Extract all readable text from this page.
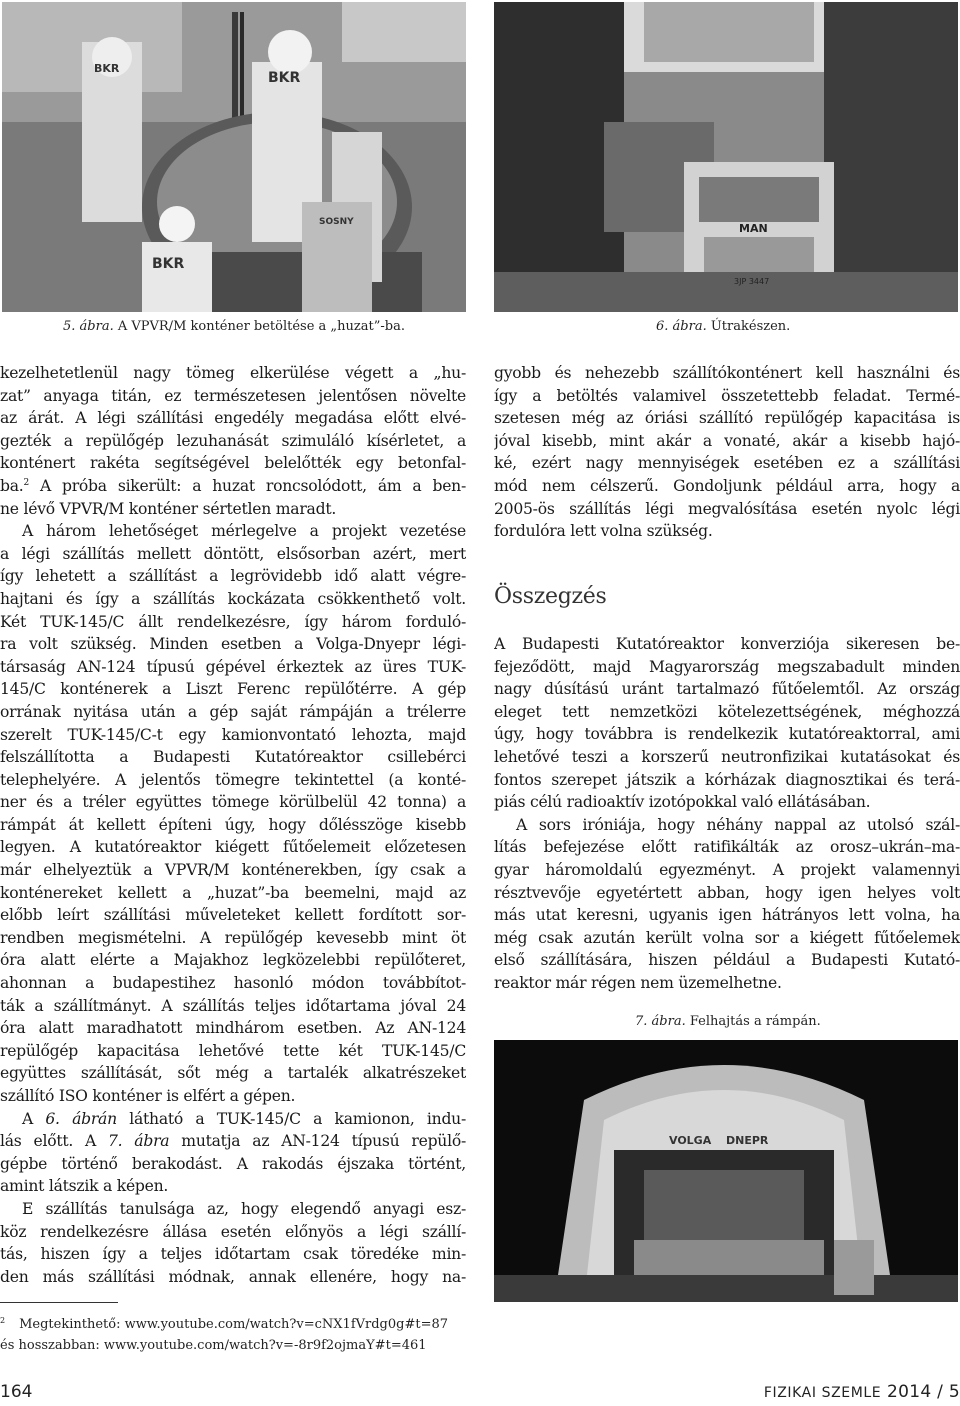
BKR
BKR
BKR
SOSNY
5. ábra. A VPVR/M konténer betöltése a „huzat”-ba.
MAN
3JP 3447
6. ábra. Útrakészen.
kezelhetetlenül nagy tömeg elkerülése végett a „hu-
zat” anyaga titán, ez természetesen jelentősen növelte
az árát. A légi szállítási engedély megadása előtt elvé-
gezték a repülőgép lezuhanását szimuláló kísérletet, a
konténert rakéta segítségével belelőtték egy betonfal-
ba.$^2$ A próba sikerült: a huzat roncsolódott, ám a ben-
ne lévő VPVR/M konténer sértetlen maradt.
A három lehetőséget mérlegelve a projekt vezetése
a légi szállítás mellett döntött, elsősorban azért, mert
így lehetett a szállítást a legrövidebb idő alatt végre-
hajtani és így a szállítás kockázata csökkenthető volt.
Két TUK-145/C állt rendelkezésre, így három forduló-
ra volt szükség. Minden esetben a Volga-Dnyepr légi-
társaság AN-124 típusú gépével érkeztek az üres TUK-
145/C konténerek a Liszt Ferenc repülőtérre. A gép
orrának nyitása után a gép saját rámpáján a trélerre
szerelt TUK-145/C-t egy kamionvontató lehozta, majd
felszállította a Budapesti Kutatóreaktor csillebérci
telephelyére. A jelentős tömegre tekintettel (a konté-
ner és a tréler együttes tömege körülbelül 42 tonna) a
rámpát át kellett építeni úgy, hogy dőlésszöge kisebb
legyen. A kutatóreaktor kiégett fűtőelemeit előzetesen
már elhelyeztük a VPVR/M konténerekben, így csak a
konténereket kellett a „huzat”-ba beemelni, majd az
előbb leírt szállítási műveleteket kellett fordított sor-
rendben megismételni. A repülőgép kevesebb mint öt
óra alatt elérte a Majakhoz legközelebbi repülőteret,
ahonnan a budapestihez hasonló módon továbbítot-
ták a szállítmányt. A szállítás teljes időtartama jóval 24
óra alatt maradhatott mindhárom esetben. Az AN-124
repülőgép kapacitása lehetővé tette két TUK-145/C
együttes szállítását, sőt még a tartalék alkatrészeket
szállító ISO konténer is elfért a gépen.
A 6. ábrán látható a TUK-145/C a kamionon, indu-
lás előtt. A 7. ábra mutatja az AN-124 típusú repülő-
gépbe történő berakodást. A rakodás éjszaka történt,
amint látszik a képen.
E szállítás tanulsága az, hogy elegendő anyagi esz-
köz rendelkezésre állása esetén előnyös a légi szállí-
tás, hiszen így a teljes időtartam csak töredéke min-
den más szállítási módnak, annak ellenére, hogy na-
gyobb és nehezebb szállítókonténert kell használni és
így a betöltés valamivel összetettebb feladat. Termé-
szetesen még az óriási szállító repülőgép kapacitása is
jóval kisebb, mint akár a vonaté, akár a kisebb hajó-
ké, ezért nagy mennyiségek esetében ez a szállítási
mód nem célszerű. Gondoljunk például arra, hogy a
2005-ös szállítás légi megvalósítása esetén nyolc légi
fordulóra lett volna szükség.
Összegzés
A Budapesti Kutatóreaktor konverziója sikeresen be-
fejeződött, majd Magyarország megszabadult minden
nagy dúsítású uránt tartalmazó fűtőelemtől. Az ország
eleget tett nemzetközi kötelezettségének, méghozzá
úgy, hogy továbbra is rendelkezik kutatóreaktorral, ami
lehetővé teszi a korszerű neutronfizikai kutatásokat és
fontos szerepet játszik a kórházak diagnosztikai és terá-
piás célú radioaktív izotópokkal való ellátásában.
A sors iróniája, hogy néhány nappal az utolsó szál-
lítás befejezése előtt ratifikálták az orosz–ukrán–ma-
gyar háromoldalú egyezményt. A projekt valamennyi
résztvevője egyetértett abban, hogy igen helyes volt
más utat keresni, ugyanis igen hátrányos lett volna, ha
még csak azután került volna sor a kiégett fűtőelemek
első szállítására, hiszen például a Budapesti Kutató-
reaktor már régen nem üzemelhetne.
7. ábra. Felhajtás a rámpán.
VOLGA DNEPR
$^2$ Megtekinthető: www.youtube.com/watch?v=cNX1fVrdg0g#t=87
és hosszabban: www.youtube.com/watch?v=-8r9f2ojmaY#t=461
164	FIZIKAI SZEMLE 2014 / 5
